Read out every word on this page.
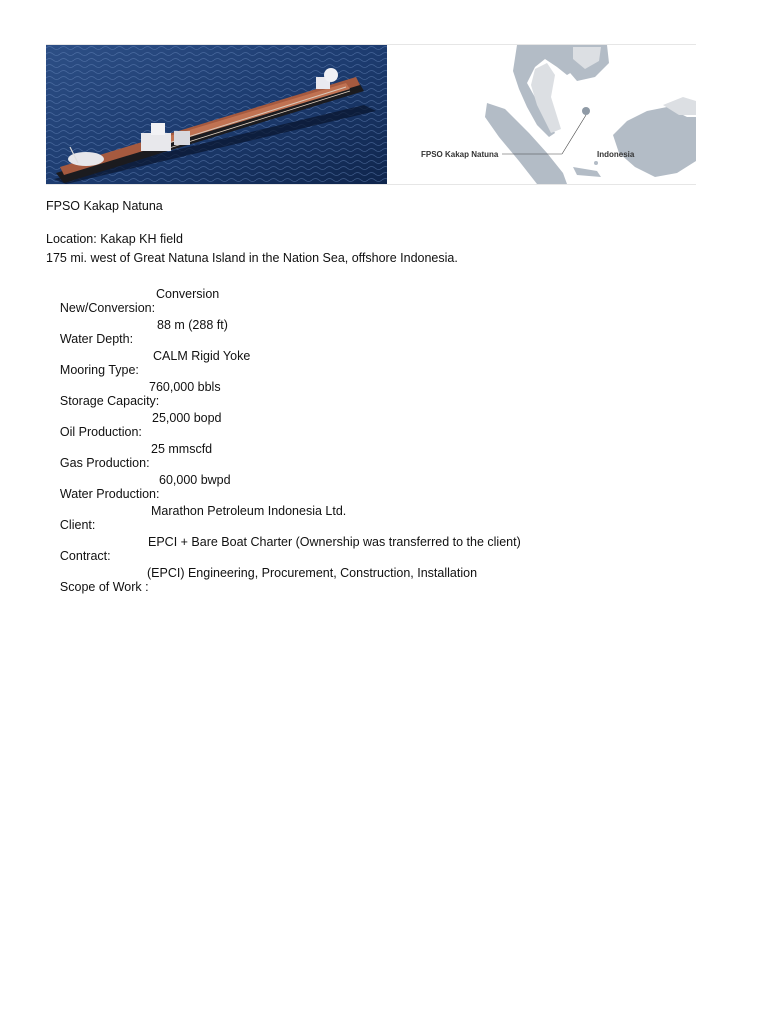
FPSO Kakap Natuna	Indonesia
FPSO Kakap Natuna
Location: Kakap KH field
175 mi. west of Great Natuna Island in the Nation Sea, offshore Indonesia.

New/Conversion:

Conversion

Water Depth:

88 m (288 ft)

Mooring Type:

CALM Rigid Yoke

Storage Capacity:

760,000 bbls

Oil Production:

25,000 bopd

Gas Production:

25 mmscfd

Water Production:

60,000 bwpd

Client:

Marathon Petroleum Indonesia Ltd.

Contract:

EPCI + Bare Boat Charter (Ownership was transferred to the client)

Scope of Work :

(EPCI) Engineering, Procurement, Construction, Installation
